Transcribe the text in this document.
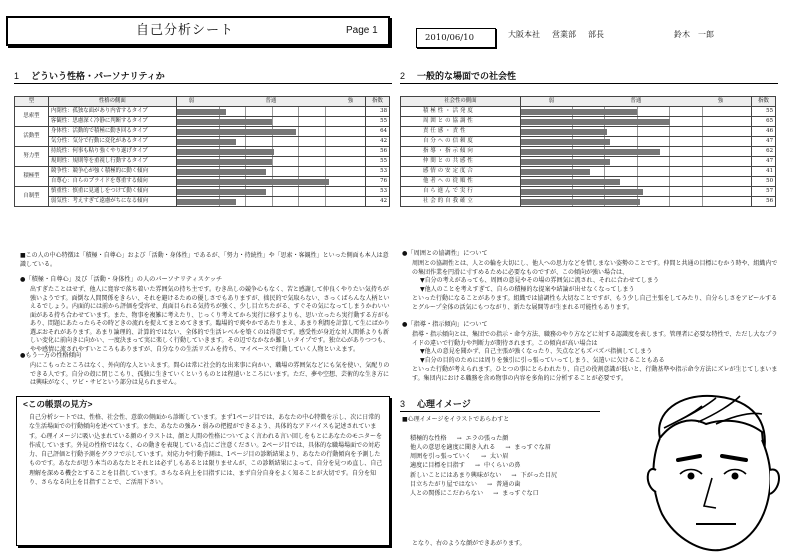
自己分析シート	Page 1
2010/06/10	大阪本社 営業部 部長	鈴木　一郎
1 どういう性格・パーソナリティか
型	性格の側面	弱 普通 強	指数
思索型	内閉性：孤独な面があり内省するタイプ		38
	客観性：思慮深く冷静に判断するタイプ		55
活動型	身体性：活動的で積極に動き回るタイプ		64
	気分性：気分で行動に変化があるタイプ		42
努力型	持続性：何事も粘り強くやり遂げタイプ		56
	規則性：規則等を重視し行動するタイプ		55
積極型	競争性：競争心が強く積極的に動く傾向		53
	自尊心：自らのプライドを尊重する傾向		76
自制型	慎重性：慎重に見通しをつけて動く傾向		53
	弱気性：考えすぎて遠慮がちになる傾向		42
■この人の中心特徴は「積極・自尊心」および「活動・身体性」であるが、「努力・持続性」や「思索・客観性」といった側面も本人は意識している。
●「積極・自尊心」及び「活動・身体性」の人のパーソナリティスケッチ
出すぎたことはせず、他人に寛容で落ち着いた雰囲気の持ち主です。むき出しの競争心もなく、苦と感謝して仲良くやりたい気持ちが強いようです。面倒な人間関係をきらい、それを避けるための優しさでもありますが、拙民的で気取らない、さっくばらんな人柄といえるでしょう。内面的には前から評価を受容せ、真面目られる気持ちが強く、少し目立ちたがる、すぐその気になってしまうかわいい面がある持ち合わせています。また、物事を複雑に考えたり、じっくり考えてから実行に移すよりも、思い立ったら実行動する方がもあり、問題にあたったらその時どきの流れを捉えてまとめてきます。臨場的で爽やかであたりまえ、あまり利潤を計算して生にばかり選ぶおそれがあります。あまり論理的、計算的ではない、全体的で生活レベルを築くのは得意です。感受性が身近な対人関係よりも新しい変化に前向きに向かい、一度決まって実に楽しく行動していきます。その辺でなかなか難しいタイプです。独立心がありつつも、やや感情に流されやすいところもありますが、自分なりの生活リズムを持ち、マイペースで行動していく人物といえます。
●もう一方の性格傾向
内にこもったところはなく、外向的な人といえます。間心は常に社会的な出来事に向かい、職場の雰囲気などにも気を使い、気配りのできる人です。自分の殻に閉じこもり、孤独に生きていくというものとは程遠いところにいます。ただ、夢や空想、芸術的な生き方には興味がなく、ワビ・サビという部分は見られません。
<この帳票の見方>
自己分析シートでは、性格、社会性、意欲の側面から診断しています。まず1ページ目では、あなたの中心特徴を示し、次に日常的な生活場面での行動傾向を述べています。また、あなたの強み・弱みの把握ができるよう、具体的なアドバイスも記述されています。心理イメージに吸い込まれている顔のイラストは、顔と人間の性格についてよく言われる言い回しをもとにあなたのモニターを作成しています。外見の性格ではなく、心の動きを表現している点にご注意ください。2ページ目では、具体的な職場場面での対応力、自己評価と行動予測をグラフで示しています。対応力や行動予測は、1ページ目の診断結果より、あなたの行動傾向を予測したものです。あなたが思う本当のあなたとそれとは必ずしもあるとは限りませんが、この診断結果によって、自分を見つめ直し、自己理解を深める機会とすることを目指しています。さらなる向上を目指すには、まず自分自身をよく知ることが大切です。自分を知り、さらなる向上を目指すことで、ご活用下さい。
2 一般的な場面での社会性
社会性の側面	弱 普通 強	指数
積極性・活発度		55
周囲との協調性		65
責任感・責性		46
自分への信頼度		47
指導・指示傾向		62
仲間との共感性		47
感情の安定度合		41
他者への従順性		50
自ら進んで実行		57
社会的自我確立		56
●「周囲との協調性」について
周囲との協調性とは、人との輪を大切にし、他人への思力などを惜しまない姿勢のことです。仲間と共通の目標にむかう時や、組織内での集団作業を円滑に寸すめるために必要なものですが、この傾向が強い場合は、
▼自分の考えがあっても、周囲の意見やその場の雰囲気に流され、それに合わせてしまう
▼他人のことを考えすぎて、自らの積極的な提案や結論が出せなくなってしまう
といった行動になることがあります。組織では協調性も大切なことですが、もう少し自己主張をしてみたり、自分らしさをアピールするとグループ全体の活気にもつながり、新たな展開等が生まれる可能性もあります。
●「指導・指示傾向」について
指導・指示傾向とは、集団での指示・命令方法、職務のやり方などに対する認識度を表します。管理者に必要な特性で、ただし大なプライドの違いで行動力や判断力が期待されます。この傾向が高い場合は
▼他人の意見を聞かず、自己主張が強くなったり、矢点などもズバズバ指摘してしまう
▼自分の目的のためには周りを強引に引っ張っていってしまう、気遣いに欠けることもある
といった行動が考えられます。ひとつの事にとらわれたり、自己の役割意識が低いと、行動基準や指示命令方法にズレが生じてしまいます。集団内における職務を含め物事の内容を多角的に分析することが必要です。
3 心理イメージ
■心理イメージをイラストであらわすと
積極的な性格 → エラの張った顔
他人の意思を適度に聞き入れる → まっすぐな眉
周囲を引っ張っていく → 太い眉
適度に目標を目指す → 中くらいの鼻
新しいことにはあまり興味がない → 下がった目尻
目立ちたがり屋ではない → 普通の歯
人との関係にこだわらない → まっすぐな口
となり、右のような顔ができあがります。
